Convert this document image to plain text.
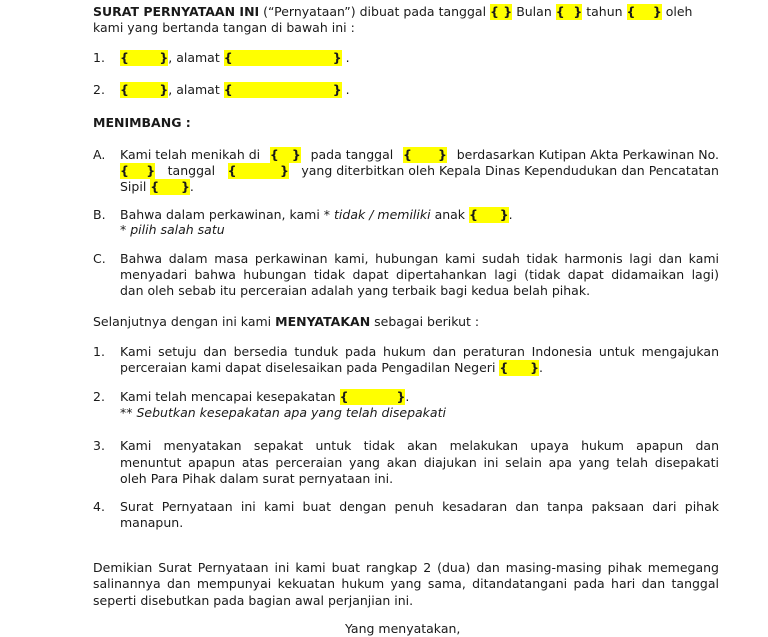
SURAT PERNYATAAN INI (“Pernyataan”) dibuat pada tanggal { } Bulan {  } tahun {    } oleh
kami yang bertanda tangan di bawah ini :
1. {       }, alamat {                       } .
2. {       }, alamat {                       } .
MENIMBANG :
A. Kami telah menikah di {   } pada tanggal {      } berdasarkan Kutipan Akta Perkawinan No.
{    } tanggal {          } yang diterbitkan oleh Kepala Dinas Kependudukan dan Pencatatan
Sipil {     }.
B. Bahwa dalam perkawinan, kami * tidak / memiliki anak {     }.
* pilih salah satu
C. Bahwa dalam masa perkawinan kami, hubungan kami sudah tidak harmonis lagi dan kami
menyadari bahwa hubungan tidak dapat dipertahankan lagi (tidak dapat didamaikan lagi)
dan oleh sebab itu perceraian adalah yang terbaik bagi kedua belah pihak.
Selanjutnya dengan ini kami MENYATAKAN sebagai berikut :
1. Kami setuju dan bersedia tunduk pada hukum dan peraturan Indonesia untuk mengajukan
perceraian kami dapat diselesaikan pada Pengadilan Negeri {     }.
2. Kami telah mencapai kesepakatan {           }.
** Sebutkan kesepakatan apa yang telah disepakati
3. Kami menyatakan sepakat untuk tidak akan melakukan upaya hukum apapun dan
menuntut apapun atas perceraian yang akan diajukan ini selain apa yang telah disepakati
oleh Para Pihak dalam surat pernyataan ini.
4. Surat Pernyataan ini kami buat dengan penuh kesadaran dan tanpa paksaan dari pihak
manapun.
Demikian Surat Pernyataan ini kami buat rangkap 2 (dua) dan masing-masing pihak memegang
salinannya dan mempunyai kekuatan hukum yang sama, ditandatangani pada hari dan tanggal
seperti disebutkan pada bagian awal perjanjian ini.
Yang menyatakan,
